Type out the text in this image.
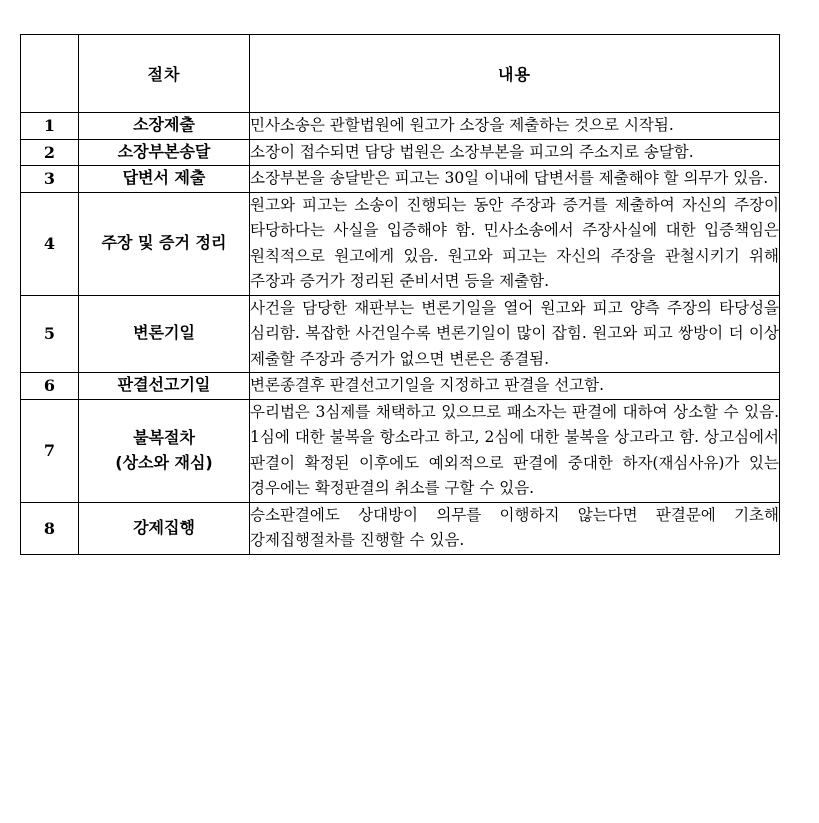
	절차	내용
1	소장제출	민사소송은 관할법원에 원고가 소장을 제출하는 것으로 시작됨.

2	소장부본송달	소장이 접수되면 담당 법원은 소장부본을 피고의 주소지로 송달함.

3	답변서 제출	소장부본을 송달받은 피고는 30일 이내에 답변서를 제출해야 할 의무가 있음.

4	주장 및 증거 정리	원고와 피고는 소송이 진행되는 동안 주장과 증거를 제출하여 자신의 주장이 타당하다는 사실을 입증해야 함. 민사소송에서 주장사실에 대한 입증책임은 원칙적으로 원고에게 있음. 원고와 피고는 자신의 주장을 관철시키기 위해 주장과 증거가 정리된 준비서면 등을 제출함.

5	변론기일	사건을 담당한 재판부는 변론기일을 열어 원고와 피고 양측 주장의 타당성을 심리함. 복잡한 사건일수록 변론기일이 많이 잡힘. 원고와 피고 쌍방이 더 이상 제출할 주장과 증거가 없으면 변론은 종결됨.

6	판결선고기일	변론종결후 판결선고기일을 지정하고 판결을 선고함.

7	불복절차
(상소와 재심)	우리법은 3심제를 채택하고 있으므로 패소자는 판결에 대하여 상소할 수 있음. 1심에 대한 불복을 항소라고 하고, 2심에 대한 불복을 상고라고 함. 상고심에서 판결이 확정된 이후에도 예외적으로 판결에 중대한 하자(재심사유)가 있는 경우에는 확정판결의 취소를 구할 수 있음.

8	강제집행	승소판결에도 상대방이 의무를 이행하지 않는다면 판결문에 기초해 강제집행절차를 진행할 수 있음.
